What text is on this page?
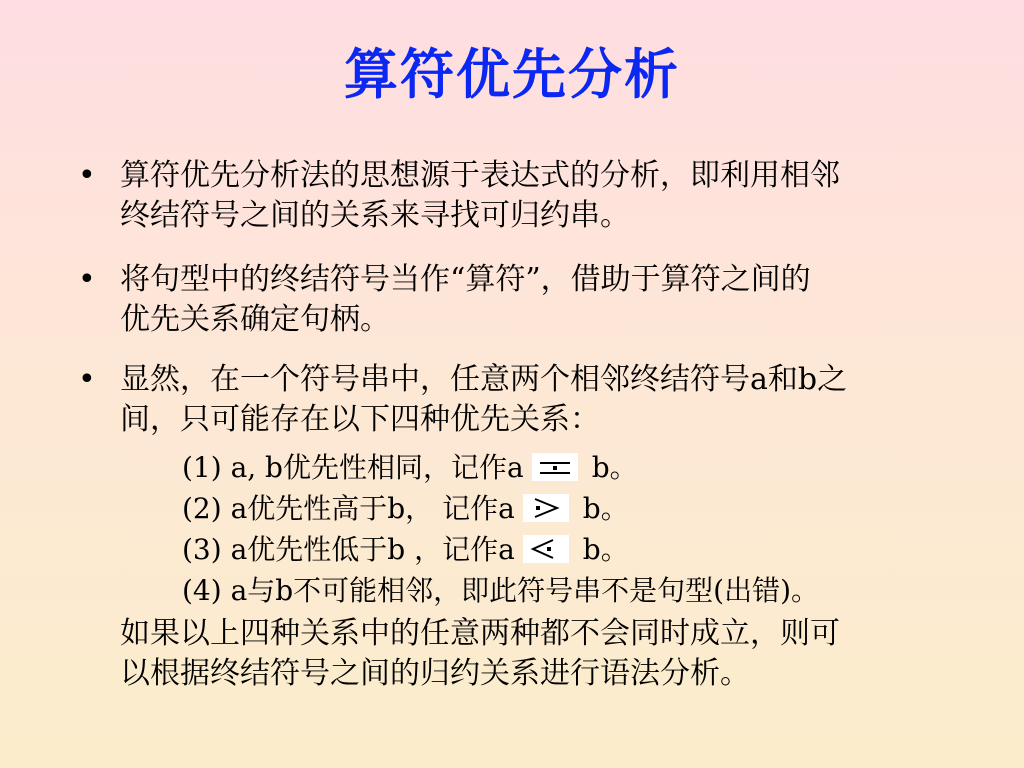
算符优先分析
• 算符优先分析法的思想源于表达式的分析，即利用相邻
终结符号之间的关系来寻找可归约串。
• 将句型中的终结符号当作“算符”，借助于算符之间的
优先关系确定句柄。
• 显然，在一个符号串中，任意两个相邻终结符号a和b之
间，只可能存在以下四种优先关系：
(1) a, b优先性相同，记作a b。
(2) a优先性高于b， 记作a b。
(3) a优先性低于b ，记作a b。
(4) a与b不可能相邻，即此符号串不是句型(出错)。
如果以上四种关系中的任意两种都不会同时成立，则可
以根据终结符号之间的归约关系进行语法分析。
